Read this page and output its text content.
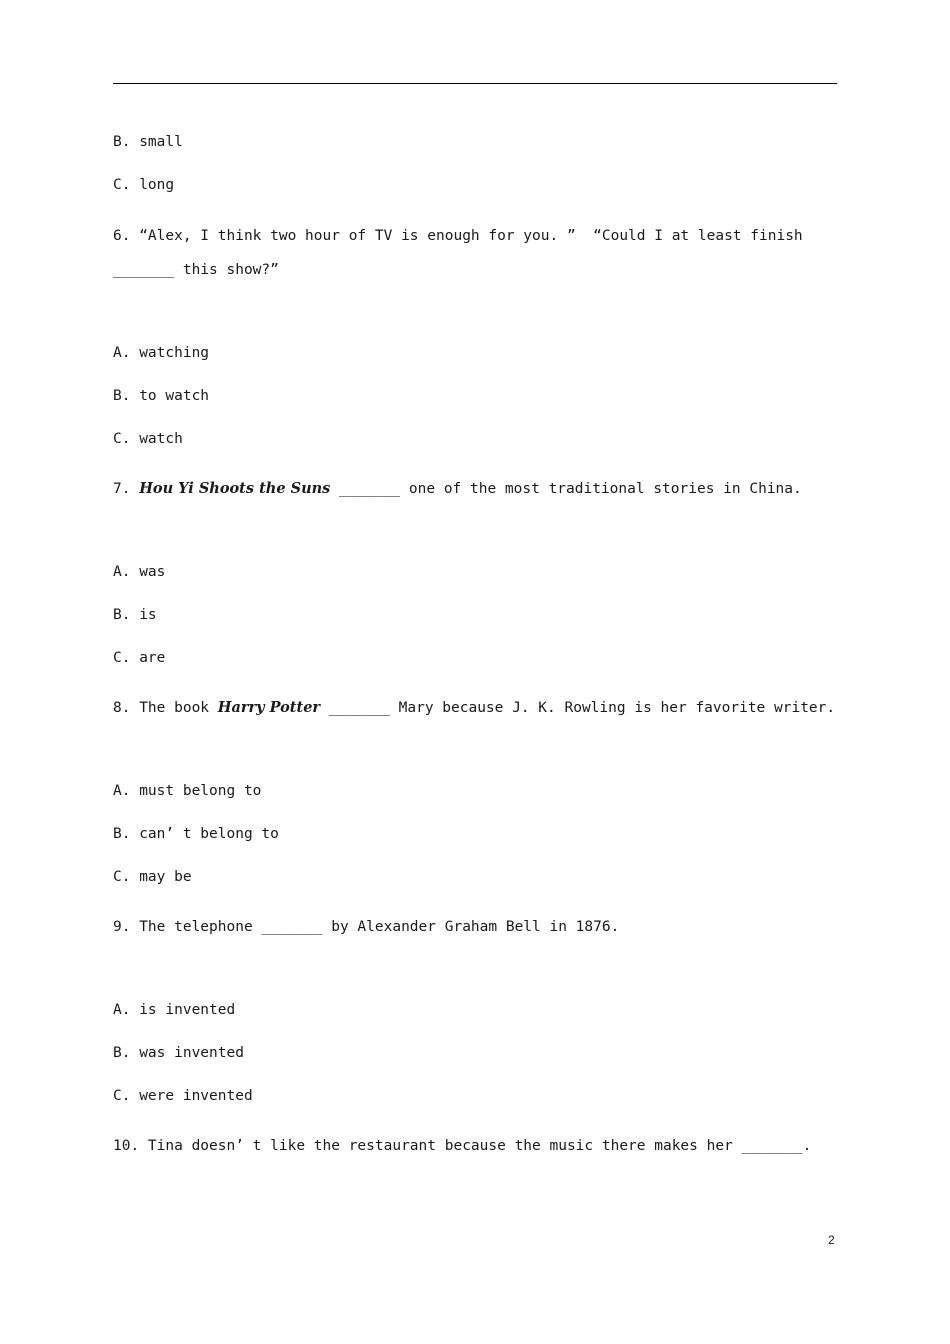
B. small
C. long
6. “Alex, I think two hour of TV is enough for you. ”  “Could I at least finish
_______ this show?”
A. watching
B. to watch
C. watch
7. Hou Yi Shoots the Suns _______ one of the most traditional stories in China.
A. was
B. is
C. are
8. The book Harry Potter _______ Mary because J. K. Rowling is her favorite writer.
A. must belong to
B. can’ t belong to
C. may be
9. The telephone _______ by Alexander Graham Bell in 1876.
A. is invented
B. was invented
C. were invented
10. Tina doesn’ t like the restaurant because the music there makes her _______.
2
